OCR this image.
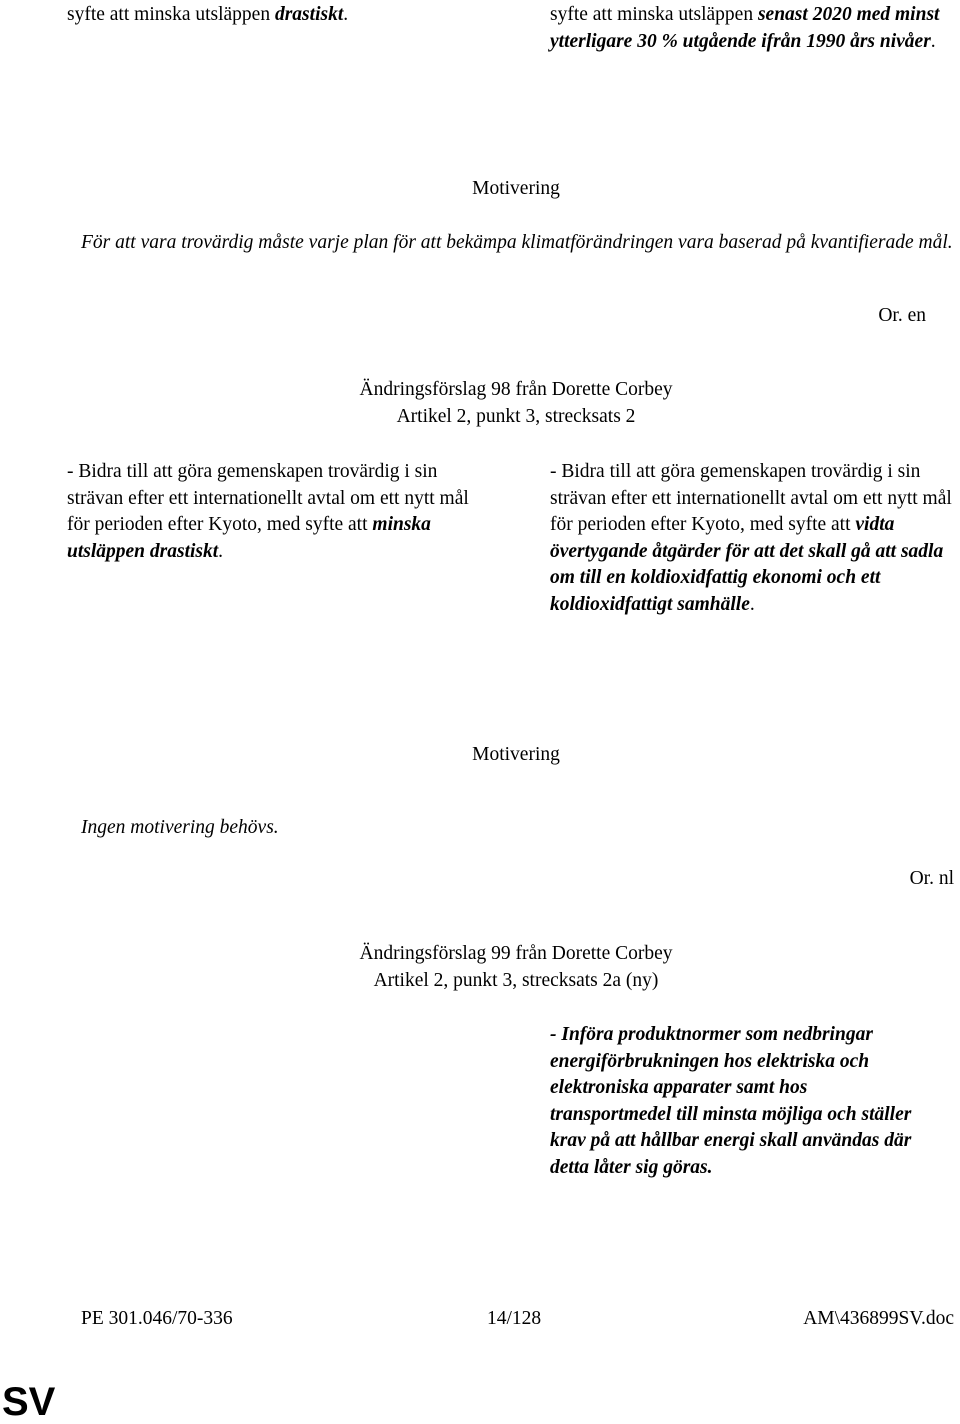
syfte att minska utsläppen drastiskt.	syfte att minska utsläppen senast 2020 med minst ytterligare 30 % utgående ifrån 1990 års nivåer.
Motivering
För att vara trovärdig måste varje plan för att bekämpa klimatförändringen vara baserad på kvantifierade mål.
Or. en
Ändringsförslag 98 från Dorette Corbey
Artikel 2, punkt 3, strecksats 2
- Bidra till att göra gemenskapen trovärdig i sin strävan efter ett internationellt avtal om ett nytt mål för perioden efter Kyoto, med syfte att minska utsläppen drastiskt.
- Bidra till att göra gemenskapen trovärdig i sin strävan efter ett internationellt avtal om ett nytt mål för perioden efter Kyoto, med syfte att vidta övertygande åtgärder för att det skall gå att sadla om till en koldioxidfattig ekonomi och ett koldioxidfattigt samhälle.
Motivering
Ingen motivering behövs.
Or. nl
Ändringsförslag 99 från Dorette Corbey
Artikel 2, punkt 3, strecksats 2a (ny)
- Införa produktnormer som nedbringar energiförbrukningen hos elektriska och elektroniska apparater samt hos transportmedel till minsta möjliga och ställer krav på att hållbar energi skall användas där detta låter sig göras.
PE 301.046/70-336	14/128	AM\436899SV.doc
SV
